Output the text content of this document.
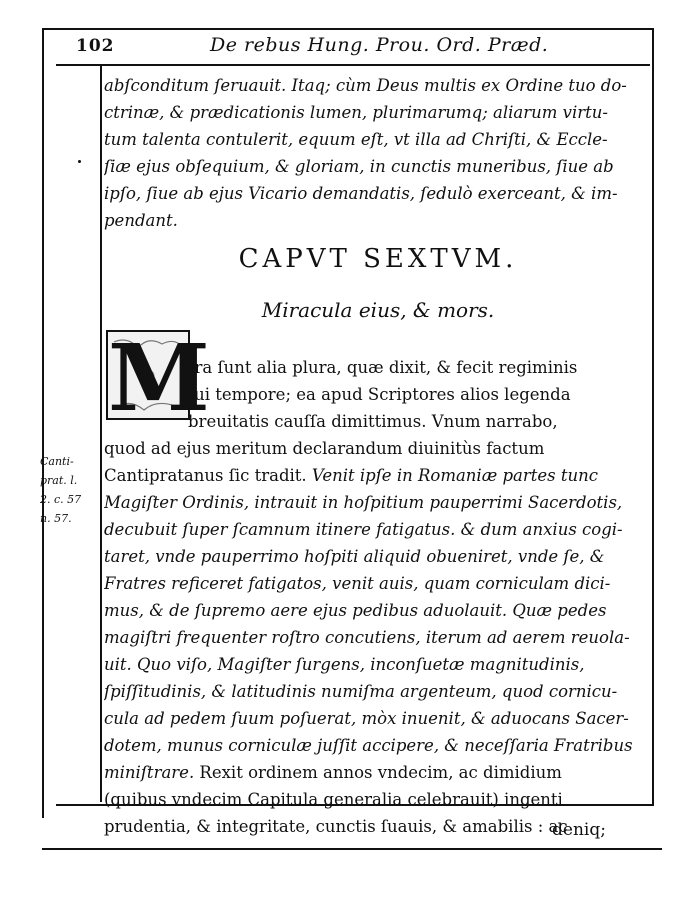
102	De rebus Hung. Prou. Ord. Præd.
abſconditum ſeruauit. Itaq; cùm Deus multis ex Ordine tuo do-
ctrinæ, & prædicationis lumen, plurimarumq; aliarum virtu-
tum talenta contulerit, equum eſt, vt illa ad Chriſti, & Eccle-
ſiæ ejus obſequium, & gloriam, in cunctis muneribus, ſiue ab
ipſo, ſiue ab ejus Vicario demandatis, ſedulò exerceant, & im-
pendant.
CAPVT SEXTVM.
Miracula eius, & mors.
M
Ira ſunt alia plura, quæ dixit, & fecit regiminis
ſui tempore; ea apud Scriptores alios legenda
breuitatis cauſſa dimittimus. Vnum narrabo,
quod ad ejus meritum declarandum diuinitùs factum
Cantipratanus ſic tradit. Venit ipſe in Romaniæ partes tunc
Magiſter Ordinis, intrauit in hoſpitium pauperrimi Sacerdotis,
decubuit ſuper ſcamnum itinere fatigatus. & dum anxius cogi-
taret, vnde pauperrimo hoſpiti aliquid obueniret, vnde ſe, &
Fratres reficeret fatigatos, venit auis, quam corniculam dici-
mus, & de ſupremo aere ejus pedibus aduolauit. Quæ pedes
magiſtri frequenter roſtro concutiens, iterum ad aerem reuola-
uit. Quo viſo, Magiſter ſurgens, inconſuetæ magnitudinis,
ſpiſſitudinis, & latitudinis numiſma argenteum, quod cornicu-
cula ad pedem ſuum poſuerat, mòx inuenit, & aduocans Sacer-
dotem, munus corniculæ juſſit accipere, & neceſſaria Fratribus
miniſtrare. Rexit ordinem annos vndecim, ac dimidium
(quibus vndecim Capitula generalia celebrauit) ingenti
prudentia, & integritate, cunctis ſuauis, & amabilis : ac
Canti-
prat. l.
2. c. 57
n. 57.
deniq;
